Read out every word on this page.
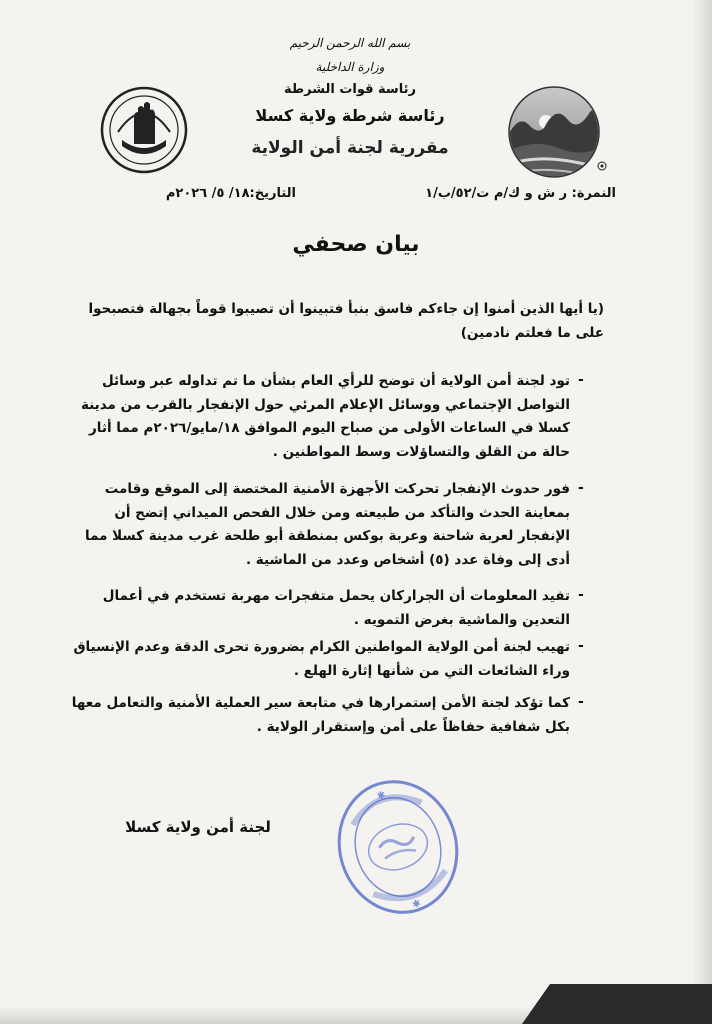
بسم الله الرحمن الرحيم
وزارة الداخلية
رئاسة قوات الشرطة
رئاسة شرطة ولاية كسلا
مقررية لجنة أمن الولاية
النمرة: ر ش و ك/م ت/٥٢/ب/١
التاريخ:١٨/ ٥/ ٢٠٢٦م
بيان صحفي
(يا أيها الذين أمنوا إن جاءكم فاسق بنبأ فتبينوا أن تصيبوا قوماً بجهالة فتصبحوا على ما فعلتم نادمين)
-
تود لجنة أمن الولاية أن توضح للرأي العام بشأن ما تم تداوله عبر وسائل التواصل الإجتماعي ووسائل الإعلام المرئي حول الإنفجار بالقرب من مدينة كسلا في الساعات الأولى من صباح اليوم الموافق ١٨/مايو/٢٠٢٦م مما أثار حالة من القلق والتساؤلات وسط المواطنين .
-
فور حدوث الإنفجار تحركت الأجهزة الأمنية المختصة إلى الموقع وقامت بمعاينة الحدث والتأكد من طبيعته ومن خلال الفحص الميداني إتضح أن الإنفجار لعربة شاحنة وعربة بوكس بمنطقة أبو طلحة غرب مدينة كسلا مما أدى إلى وفاة عدد (٥) أشخاص وعدد من الماشية .
-
تفيد المعلومات أن الجراركان يحمل متفجرات مهربة تستخدم في أعمال التعدين والماشية بغرض التمويه .
-
تهيب لجنة أمن الولاية المواطنين الكرام بضرورة تحرى الدقة وعدم الإنسياق وراء الشائعات التي من شأنها إثارة الهلع .
-
كما تؤكد لجنة الأمن إستمرارها في متابعة سير العملية الأمنية والتعامل معها بكل شفافية حفاظاً على أمن وإستقرار الولاية .
لجنة أمن ولاية كسلا
✱
✱
